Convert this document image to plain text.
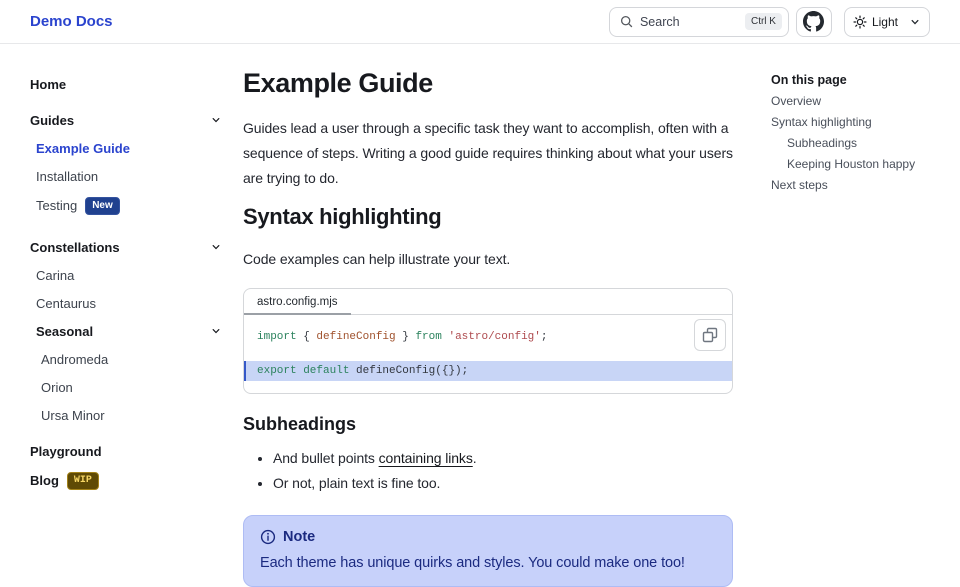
Demo Docs	Search	Ctrl K	Light
Home
Guides
Example Guide
Installation
Testing	New
Constellations
Carina
Centaurus
Seasonal
Andromeda
Orion
Ursa Minor
Playground
Blog	WIP
Example Guide

Guides lead a user through a specific task they want to accomplish, often with a sequence of steps. Writing a good guide requires thinking about what your users are trying to do.

Syntax highlighting

Code examples can help illustrate your text.

astro.config.mjs
import { defineConfig } from 'astro/config';
export default defineConfig({});
Subheadings
• And bullet points containing links.
• Or not, plain text is fine too.
Note
Each theme has unique quirks and styles. You could make one too!
On this page
Overview
Syntax highlighting
Subheadings
Keeping Houston happy
Next steps
